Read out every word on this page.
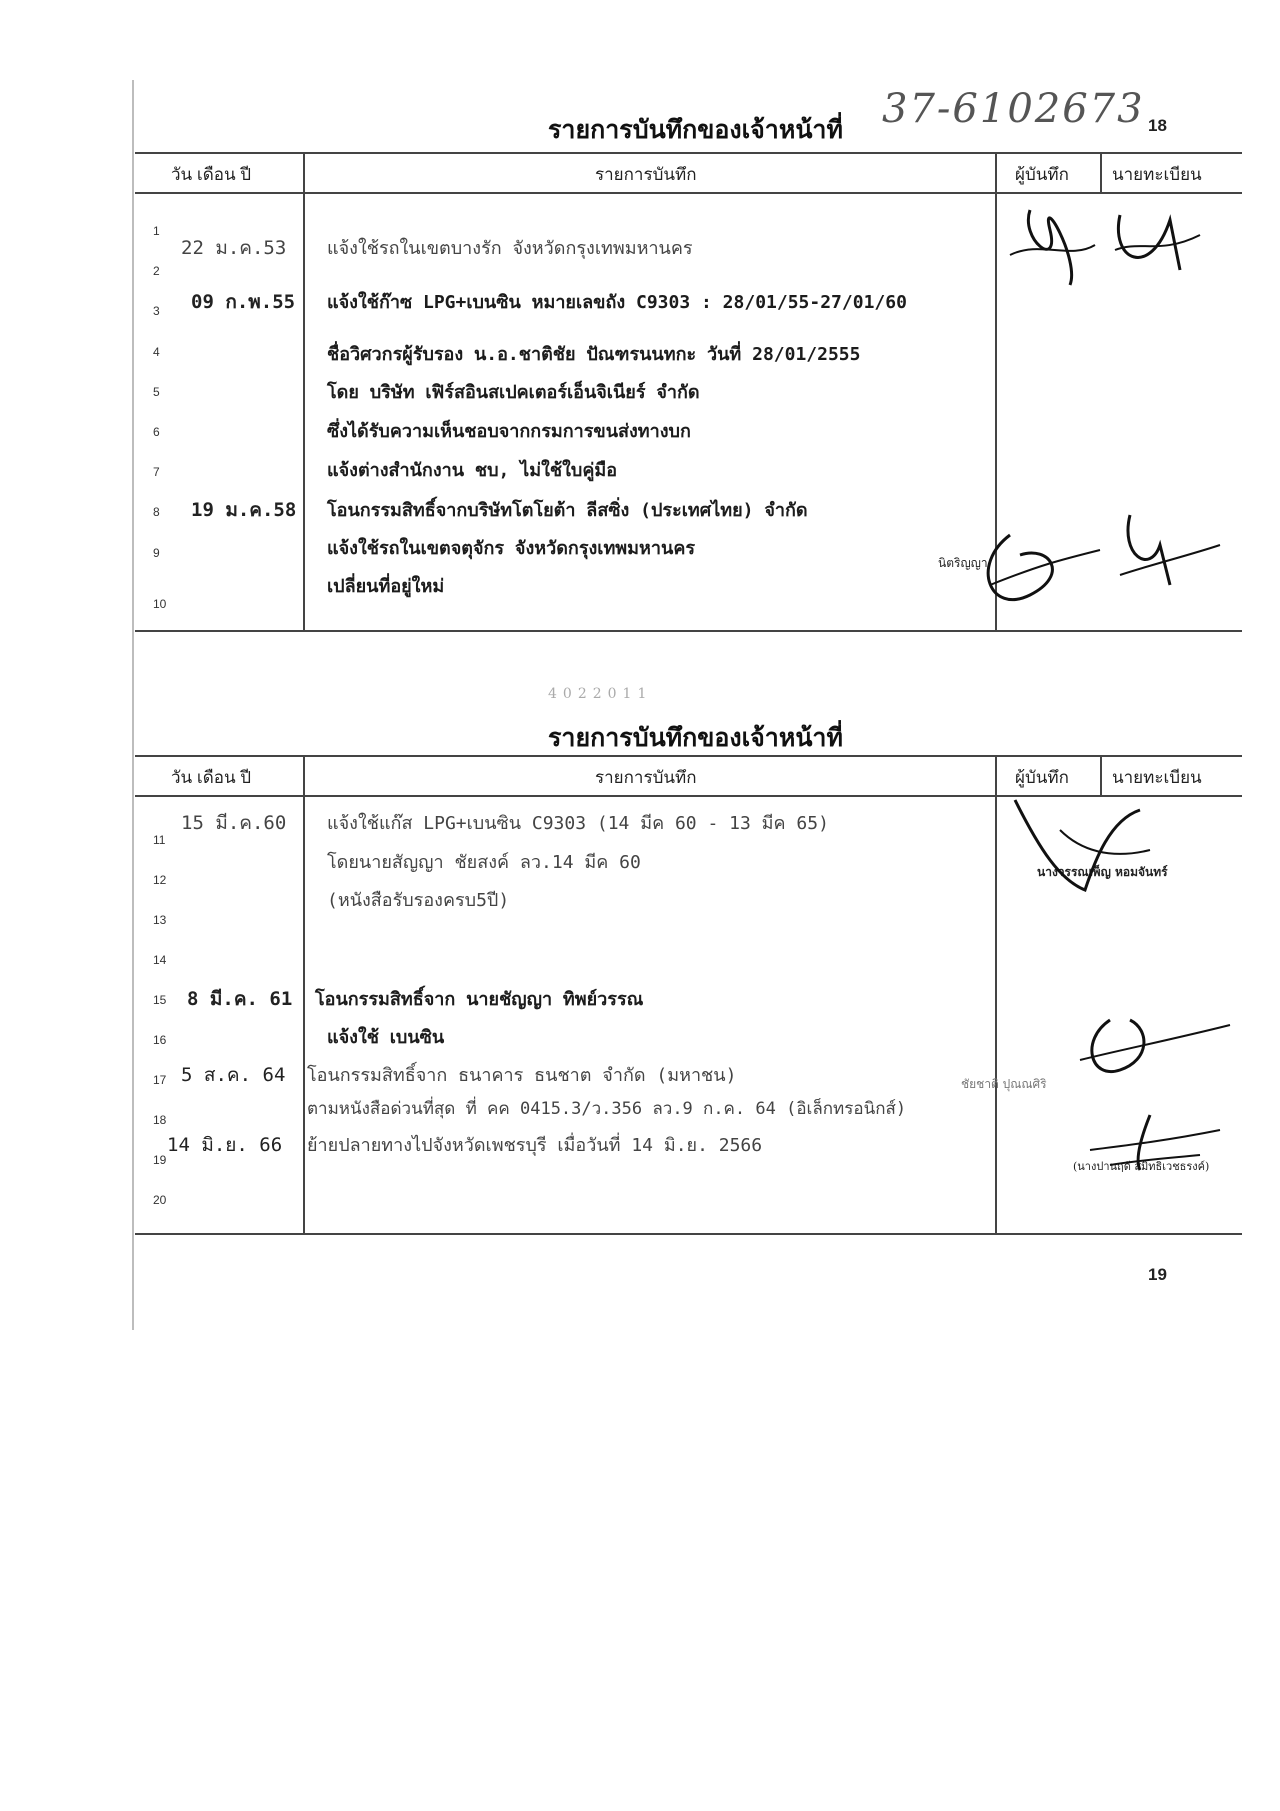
18
37-6102673
รายการบันทึกของเจ้าหน้าที่
วัน เดือน ปี	รายการบันทึก	ผู้บันทึก	นายทะเบียน
1
2
3
4
5
6
7
8
9
10
22 ม.ค.53 แจ้งใช้รถในเขตบางรัก จังหวัดกรุงเทพมหานคร
09 ก.พ.55 แจ้งใช้ก๊าซ LPG+เบนซิน หมายเลขถัง C9303 : 28/01/55-27/01/60
ชื่อวิศวกรผู้รับรอง น.อ.ชาติชัย ปัณฑรนนทกะ วันที่ 28/01/2555
โดย บริษัท เฟิร์สอินสเปคเตอร์เอ็นจิเนียร์ จำกัด
ซึ่งได้รับความเห็นชอบจากกรมการขนส่งทางบก
แจ้งต่างสำนักงาน ชบ, ไม่ใช้ใบคู่มือ
19 ม.ค.58 โอนกรรมสิทธิ์จากบริษัทโตโยต้า ลีสซิ่ง (ประเทศไทย) จำกัด
แจ้งใช้รถในเขตจตุจักร จังหวัดกรุงเทพมหานคร
เปลี่ยนที่อยู่ใหม่
นิตริญญา
4022011
รายการบันทึกของเจ้าหน้าที่
วัน เดือน ปี	รายการบันทึก	ผู้บันทึก	นายทะเบียน
11
12
13
14
15
16
17
18
19
20
15 มี.ค.60 แจ้งใช้แก๊ส LPG+เบนซิน C9303 (14 มีค 60 - 13 มีค 65)
โดยนายสัญญา ชัยสงค์ ลว.14 มีค 60
(หนังสือรับรองครบ5ปี)
8 มี.ค. 61 โอนกรรมสิทธิ์จาก นายชัญญา ทิพย์วรรณ
แจ้งใช้ เบนซิน
5 ส.ค. 64 โอนกรรมสิทธิ์จาก ธนาคาร ธนชาต จำกัด (มหาชน)
ตามหนังสือด่วนที่สุด ที่ คค 0415.3/ว.356 ลว.9 ก.ค. 64 (อิเล็กทรอนิกส์)
14 มิ.ย. 66 ย้ายปลายทางไปจังหวัดเพชรบุรี เมื่อวันที่ 14 มิ.ย. 2566
นางวรรณเพ็ญ หอมจันทร์
ชัยชาติ ปุณณศิริ
(นางปานฤดี สมิทธิเวชธรงค์)
19
